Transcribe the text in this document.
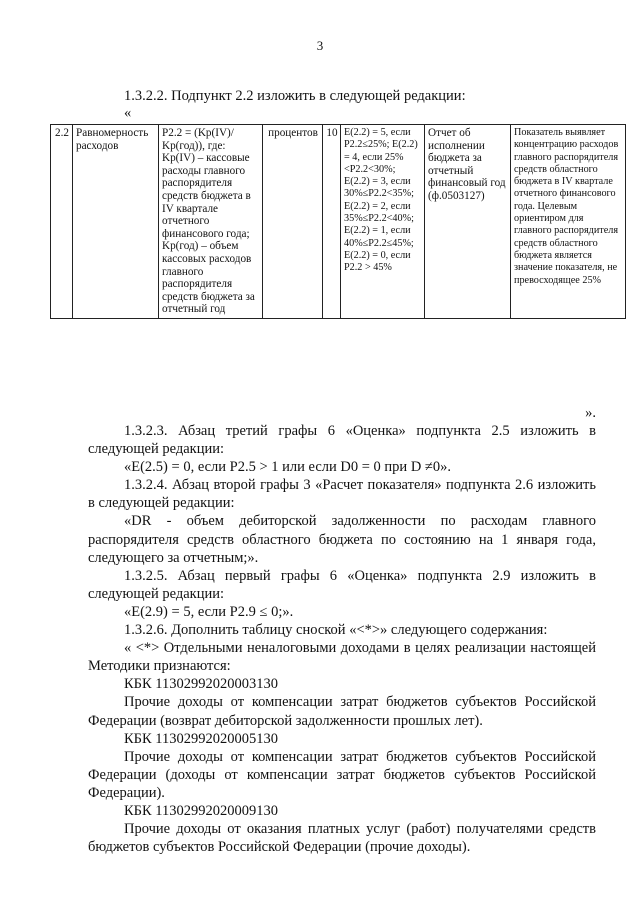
3
1.3.2.2. Подпункт 2.2 изложить в следующей редакции:
«
2.2	Равномерность расходов	P2.2 = (Kp(IV)/ Kp(год)), где: Kp(IV) – кассовые расходы главного распорядителя средств бюджета в IV квартале отчетного финансового года; Kp(год) – объем кассовых расходов главного распорядителя средств бюджета за отчетный год	процентов	10	E(2.2) = 5, если P2.2≤25%; E(2.2) = 4, если 25%<P2.2<30%; E(2.2) = 3, если 30%≤P2.2<35%; E(2.2) = 2, если 35%≤P2.2<40%; E(2.2) = 1, если 40%≤P2.2≤45%; E(2.2) = 0, если P2.2 > 45%	Отчет об исполнении бюджета за отчетный финансовый год (ф.0503127)	Показатель выявляет концентрацию расходов главного распорядителя средств областного бюджета в IV квартале отчетного финансового года. Целевым ориентиром для главного распорядителя средств областного бюджета является значение показателя, не превосходящее 25%
».

1.3.2.3. Абзац третий графы 6 «Оценка» подпункта 2.5 изложить в следующей редакции:

«E(2.5) = 0, если P2.5 > 1 или если D0 = 0 при D ≠0».

1.3.2.4. Абзац второй графы 3 «Расчет показателя» подпункта 2.6 изложить в следующей редакции:

«DR - объем дебиторской задолженности по расходам главного распорядителя средств областного бюджета по состоянию на 1 января года, следующего за отчетным;».

1.3.2.5. Абзац первый графы 6 «Оценка» подпункта 2.9 изложить в следующей редакции:

«E(2.9) = 5, если P2.9 ≤ 0;».

1.3.2.6. Дополнить таблицу сноской «<*>» следующего содержания:

« <*> Отдельными неналоговыми доходами в целях реализации настоящей Методики признаются:

КБК 11302992020003130

Прочие доходы от компенсации затрат бюджетов субъектов Российской Федерации (возврат дебиторской задолженности прошлых лет).

КБК 11302992020005130

Прочие доходы от компенсации затрат бюджетов субъектов Российской Федерации (доходы от компенсации затрат бюджетов субъектов Российской Федерации).

КБК 11302992020009130

Прочие доходы от оказания платных услуг (работ) получателями средств бюджетов субъектов Российской Федерации (прочие доходы).
